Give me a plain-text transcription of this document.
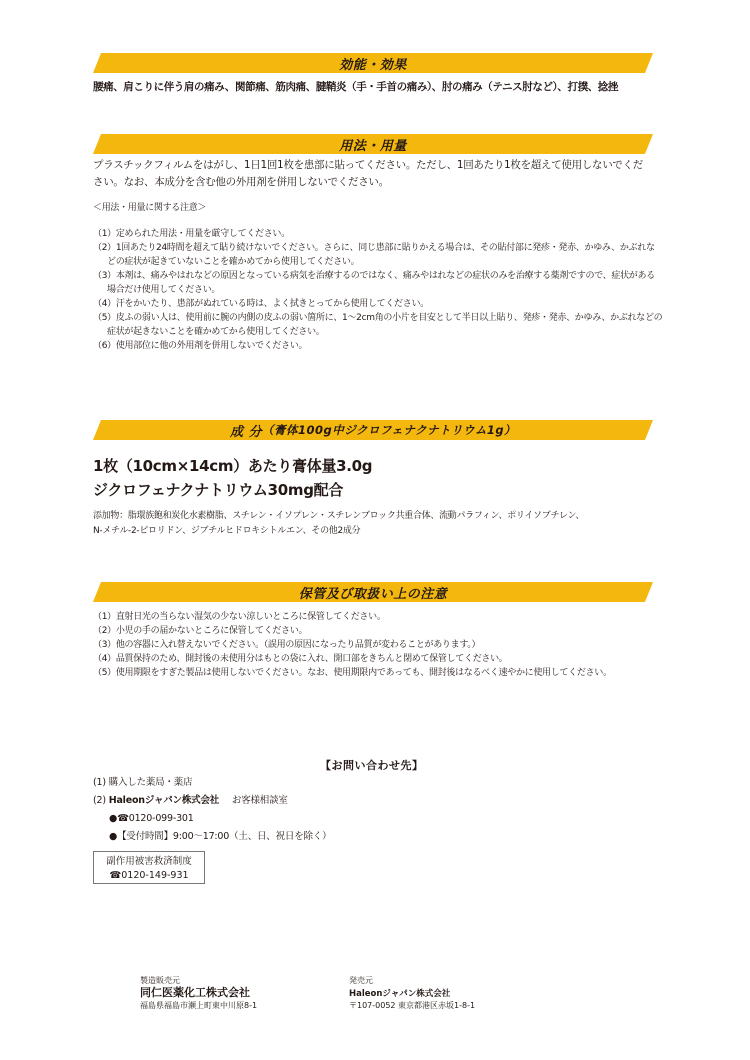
効能・効果
腰痛、肩こりに伴う肩の痛み、関節痛、筋肉痛、腱鞘炎（手・手首の痛み）、肘の痛み（テニス肘など）、打撲、捻挫
用法・用量
プラスチックフィルムをはがし、1日1回1枚を患部に貼ってください。ただし、1回あたり1枚を超えて使用しないでくだ
さい。なお、本成分を含む他の外用剤を併用しないでください。
＜用法・用量に関する注意＞
（1）定められた用法・用量を厳守してください。
（2）1回あたり24時間を超えて貼り続けないでください。さらに、同じ患部に貼りかえる場合は、その貼付部に発疹・発赤、かゆみ、かぶれなどの症状が起きていないことを確かめてから使用してください。
（3）本剤は、痛みやはれなどの原因となっている病気を治療するのではなく、痛みやはれなどの症状のみを治療する薬剤ですので、症状がある場合だけ使用してください。
（4）汗をかいたり、患部がぬれている時は、よく拭きとってから使用してください。
（5）皮ふの弱い人は、使用前に腕の内側の皮ふの弱い箇所に、1～2cm角の小片を目安として半日以上貼り、発疹・発赤、かゆみ、かぶれなどの症状が起きないことを確かめてから使用してください。
（6）使用部位に他の外用剤を併用しないでください。
成 分 （膏体100g中ジクロフェナクナトリウム1g）
1枚（10cm×14cm）あたり膏体量3.0g
ジクロフェナクナトリウム30mg配合
添加物：脂環族飽和炭化水素樹脂、スチレン・イソプレン・スチレンブロック共重合体、流動パラフィン、ポリイソブチレン、
N-メチル-2-ピロリドン、ジブチルヒドロキシトルエン、その他2成分
保管及び取扱い上の注意
（1）直射日光の当らない湿気の少ない涼しいところに保管してください。
（2）小児の手の届かないところに保管してください。
（3）他の容器に入れ替えないでください。（誤用の原因になったり品質が変わることがあります。）
（4）品質保持のため、開封後の未使用分はもとの袋に入れ、開口部をきちんと閉めて保管してください。
（5）使用期限をすぎた製品は使用しないでください。なお、使用期限内であっても、開封後はなるべく速やかに使用してください。
【お問い合わせ先】
(1) 購入した薬局・薬店
(2) Haleonジャパン株式会社 お客様相談室
●☎0120-099-301
●【受付時間】9:00～17:00（土、日、祝日を除く）
副作用被害救済制度
☎0120-149-931
製造販売元
同仁医薬化工株式会社
福島県福島市瀬上町東中川原8-1
発売元
Haleonジャパン株式会社
〒107-0052 東京都港区赤坂1-8-1
